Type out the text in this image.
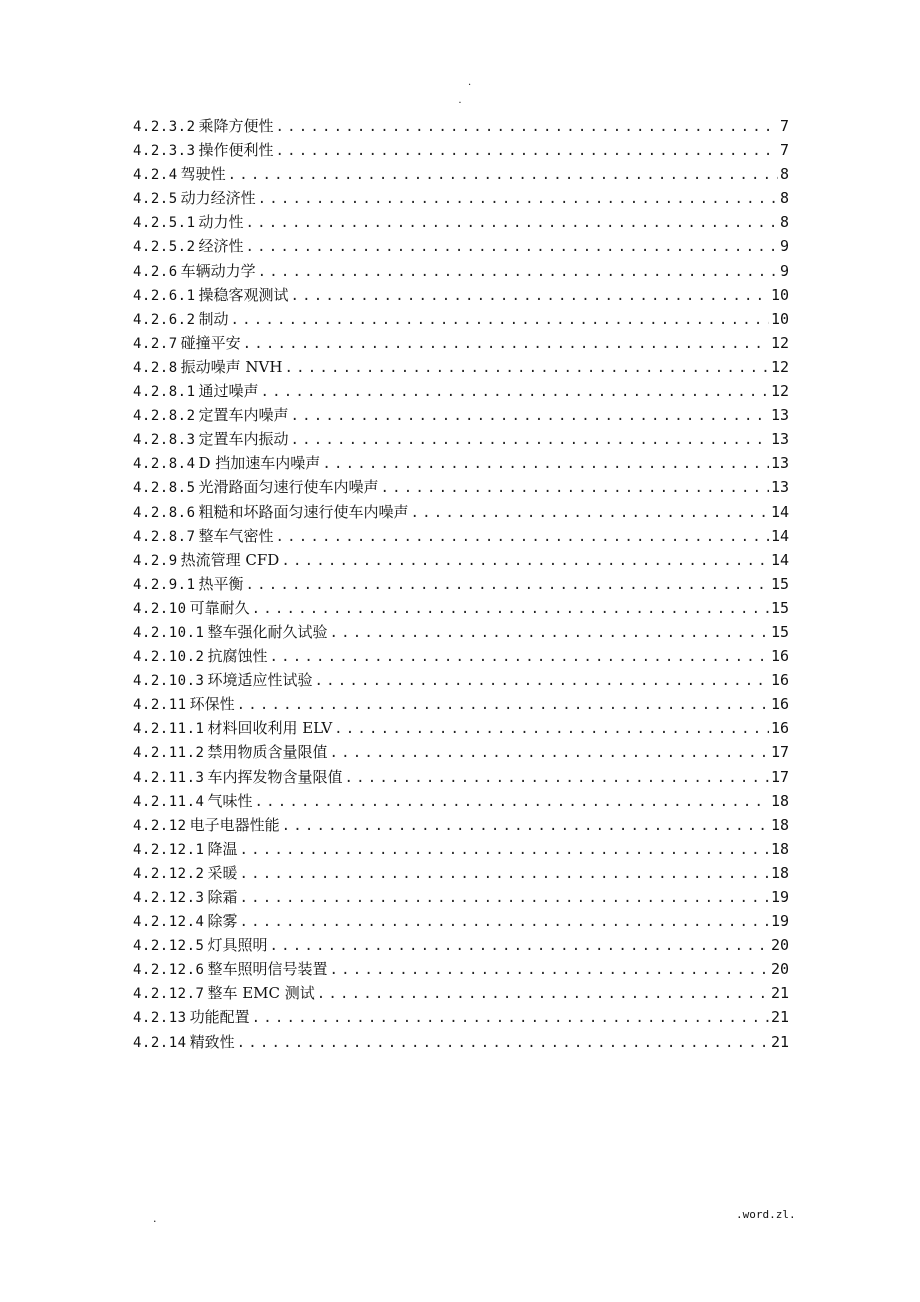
.
.
4.2.3.2 乘降方便性 .....	7
4.2.3.3 操作便利性 .....	7
4.2.4 驾驶性 .....	8
4.2.5 动力经济性 .....	8
4.2.5.1 动力性 .....	8
4.2.5.2 经济性 .....	9
4.2.6 车辆动力学 .....	9
4.2.6.1 操稳客观测试 .....	10
4.2.6.2 制动 .....	10
4.2.7 碰撞平安 .....	12
4.2.8 振动噪声 NVH .....	12
4.2.8.1 通过噪声 .....	12
4.2.8.2 定置车内噪声 .....	13
4.2.8.3 定置车内振动 .....	13
4.2.8.4 D 挡加速车内噪声 .....	13
4.2.8.5 光滑路面匀速行使车内噪声 .....	13
4.2.8.6 粗糙和坏路面匀速行使车内噪声 .....	14
4.2.8.7 整车气密性 .....	14
4.2.9 热流管理 CFD .....	14
4.2.9.1 热平衡 .....	15
4.2.10 可靠耐久 .....	15
4.2.10.1 整车强化耐久试验 .....	15
4.2.10.2 抗腐蚀性 .....	16
4.2.10.3 环境适应性试验 .....	16
4.2.11 环保性 .....	16
4.2.11.1 材料回收利用 ELV .....	16
4.2.11.2 禁用物质含量限值 .....	17
4.2.11.3 车内挥发物含量限值 .....	17
4.2.11.4 气味性 .....	18
4.2.12 电子电器性能 .....	18
4.2.12.1 降温 .....	18
4.2.12.2 采暖 .....	18
4.2.12.3 除霜 .....	19
4.2.12.4 除雾 .....	19
4.2.12.5 灯具照明 .....	20
4.2.12.6 整车照明信号装置 .....	20
4.2.12.7 整车 EMC 测试 .....	21
4.2.13 功能配置 .....	21
4.2.14 精致性 .....	21
.	.word.zl.
